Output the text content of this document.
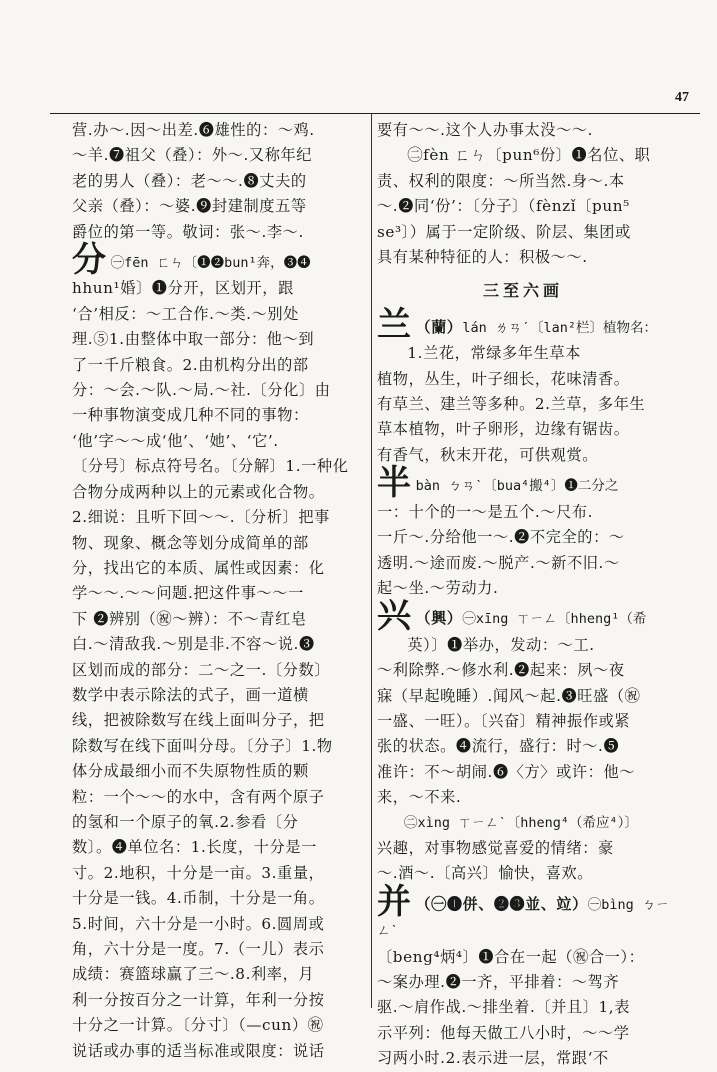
47

营.办～.因～出差.❻雄性的：～鸡.

～羊.❼祖父（叠）：外～.又称年纪

老的男人（叠）：老～～.❽丈夫的

父亲（叠）：～婆.❾封建制度五等

爵位的第一等。敬词：张～.李～.

分 ㊀fēn ㄈㄣ〔❶❷bun¹奔，❸❹

hhun¹婚〕❶分开，区划开，跟

‘合’相反：～工合作.～类.～别处

理.⑤1.由整体中取一部分：他～到

了一千斤粮食。2.由机构分出的部

分：～会.～队.～局.～社.〔分化〕由

一种事物演变成几种不同的事物：

‘他’字～～成‘他’、‘她’、‘它’.

〔分号〕标点符号名。〔分解〕1.一种化

合物分成两种以上的元素或化合物。

2.细说：且听下回～～.〔分析〕把事

物、现象、概念等划分成简单的部

分，找出它的本质、属性或因素：化

学～～.～～问题.把这件事～～一

下 ❷辨别（㊗～辨）：不～青红皂

白.～清敌我.～别是非.不容～说.❸

区划而成的部分：二～之一.〔分数〕

数学中表示除法的式子，画一道横

线，把被除数写在线上面叫分子，把

除数写在线下面叫分母。〔分子〕1.物

体分成最细小而不失原物性质的颗

粒：一个～～的水中，含有两个原子

的氢和一个原子的氧.2.参看〔分

数〕。❹单位名：1.长度，十分是一

寸。2.地积，十分是一亩。3.重量，

十分是一钱。4.币制，十分是一角。

5.时间，六十分是一小时。6.圆周或

角，六十分是一度。7.（一儿）表示

成绩：赛篮球赢了三～.8.利率，月

利一分按百分之一计算，年利一分按

十分之一计算。〔分寸〕（—cun）㊗

说话或办事的适当标准或限度：说话

要有～～.这个人办事太没～～.

㊁fèn ㄈㄣ〔pun⁶份〕❶名位、职

责、权利的限度：～所当然.身～.本

～.❷同‘份’：〔分子〕（fènzǐ〔pun⁵

se³〕）属于一定阶级、阶层、集团或

具有某种特征的人：积极～～.

三至六画

兰 （蘭）lán ㄌㄢˊ〔lan²栏〕植物名：

1.兰花，常绿多年生草本

植物，丛生，叶子细长，花味清香。

有草兰、建兰等多种。2.兰草，多年生

草本植物，叶子卵形，边缘有锯齿。

有香气，秋末开花，可供观赏。

半bàn ㄅㄢˋ〔bua⁴搬⁴〕❶二分之

一：十个的一～是五个.～尺布.

一斤～.分给他一～.❷不完全的：～

透明.～途而废.～脱产.～新不旧.～

起～坐.～劳动力.

兴 （興）㊀xīng ㄒㄧㄥ〔hheng¹（希

英）〕❶举办，发动：～工.

～利除弊.～修水利.❷起来：夙～夜

寐（早起晚睡）.闻风～起.❸旺盛（㊗

一盛、一旺）。〔兴奋〕精神振作或紧

张的状态。❹流行，盛行：时～.❺

准许：不～胡闹.❻〈方〉或许：他～

来，～不来.

㊁xìng ㄒㄧㄥˋ〔hheng⁴（希应⁴）〕

兴趣，对事物感觉喜爱的情绪：豪

～.酒～.〔高兴〕愉快，喜欢。

并 （㊀❶併、❷❸並、竝）㊀bìng ㄅㄧㄥˋ

〔beng⁴炳⁴〕❶合在一起（㊗合一）：

～案办理.❷一齐，平排着：～驾齐

驱.～肩作战.～排坐着.〔并且〕1,表

示平列：他每天做工八小时，～～学

习两小时.2.表示进一层，常跟‘不
